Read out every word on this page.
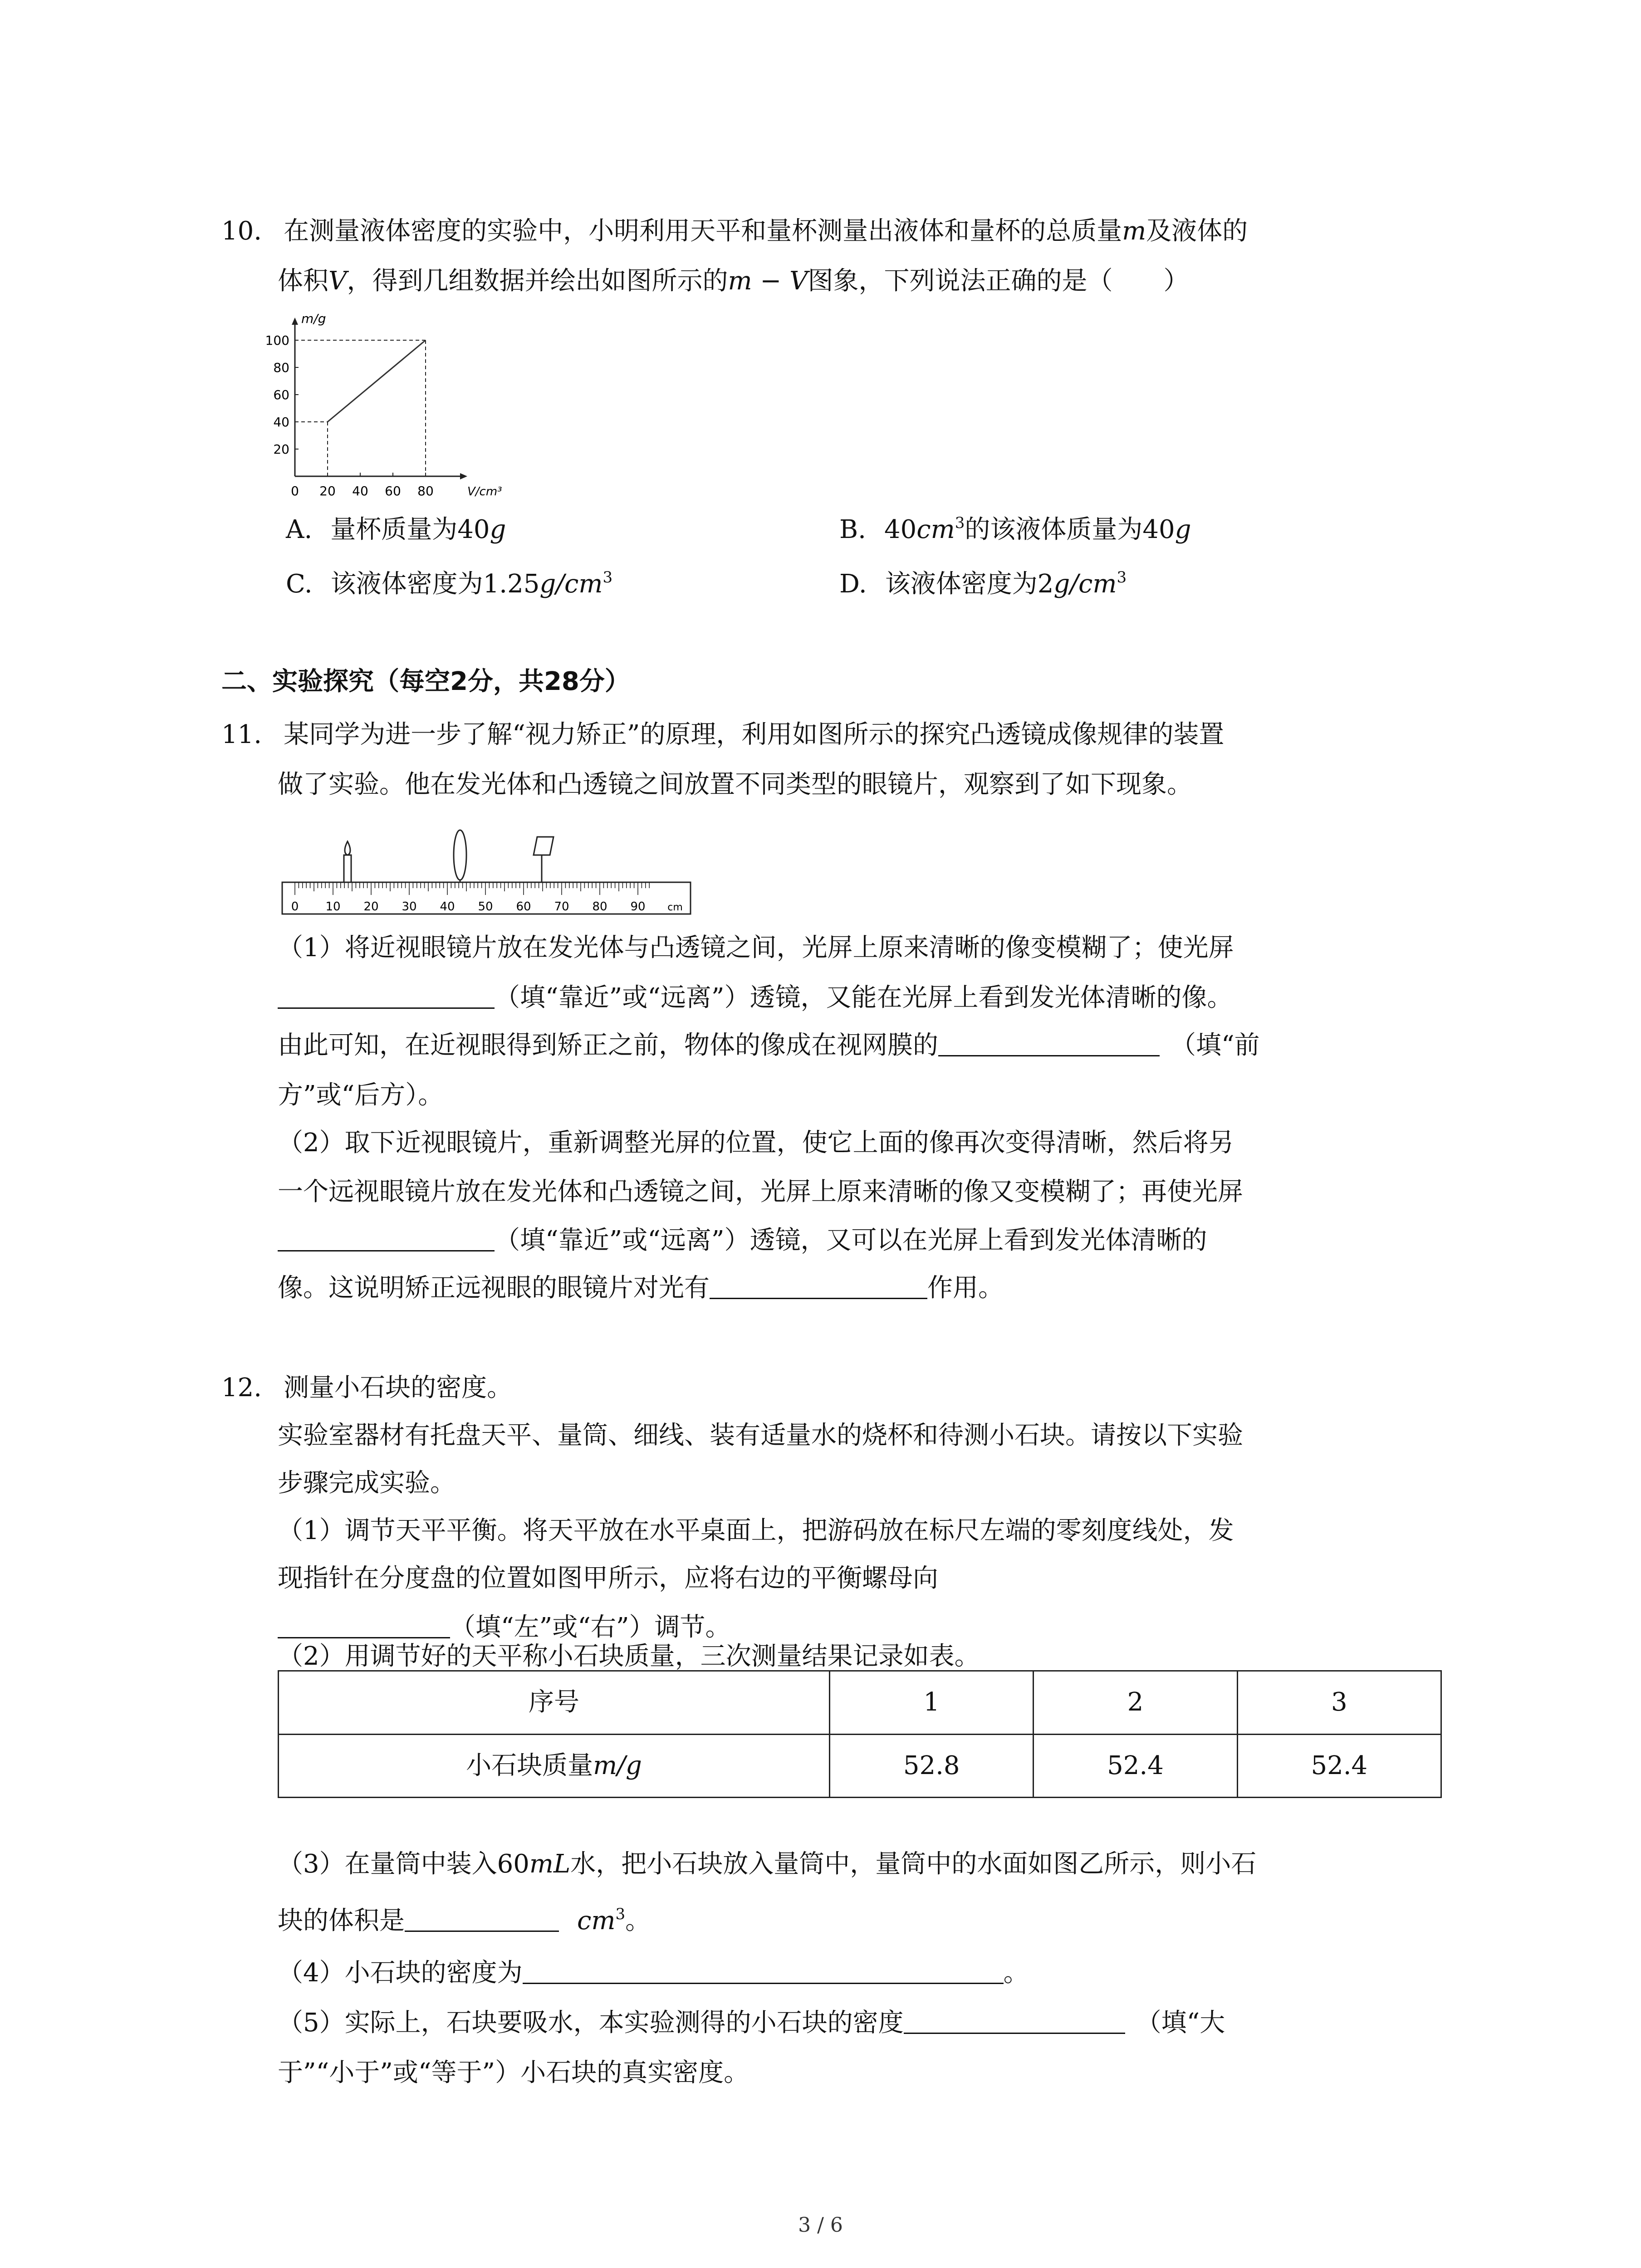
10. 在测量液体密度的实验中，小明利用天平和量杯测量出液体和量杯的总质量m及液体的
体积V，得到几组数据并绘出如图所示的m − V图象，下列说法正确的是（　　）
0 20 40 60 80
20
40
60
80
100
V/cm³
m/g
A. 量杯质量为40g	B. $40cm^3$的该液体质量为40g
C. 该液体密度为$1.25g/cm^3$	D. 该液体密度为$2g/cm^3$
二、实验探究（每空2分，共28分）
11. 某同学为进一步了解“视力矫正”的原理，利用如图所示的探究凸透镜成像规律的装置
做了实验。他在发光体和凸透镜之间放置不同类型的眼镜片，观察到了如下现象。
0 10 20 30 40 50 60 70 80 90 cm
（1）将近视眼镜片放在发光体与凸透镜之间，光屏上原来清晰的像变模糊了；使光屏
（填“靠近”或“远离”）透镜，又能在光屏上看到发光体清晰的像。
由此可知，在近视眼得到矫正之前，物体的像成在视网膜的	（填“前
方”或“后方）。
（2）取下近视眼镜片，重新调整光屏的位置，使它上面的像再次变得清晰，然后将另
一个远视眼镜片放在发光体和凸透镜之间，光屏上原来清晰的像又变模糊了；再使光屏
（填“靠近”或“远离”）透镜，又可以在光屏上看到发光体清晰的
像。这说明矫正远视眼的眼镜片对光有	作用。
12. 测量小石块的密度。
实验室器材有托盘天平、量筒、细线、装有适量水的烧杯和待测小石块。请按以下实验
步骤完成实验。
（1）调节天平平衡。将天平放在水平桌面上，把游码放在标尺左端的零刻度线处，发
现指针在分度盘的位置如图甲所示，应将右边的平衡螺母向
（填“左”或“右”）调节。
（2）用调节好的天平称小石块质量，三次测量结果记录如表。
序号	1	2	3
小石块质量m/g	52.8	52.4	52.4
（3）在量筒中装入60mL水，把小石块放入量筒中，量筒中的水面如图乙所示，则小石
块的体积是	$cm^3$。
（4）小石块的密度为	。
（5）实际上，石块要吸水，本实验测得的小石块的密度	（填“大
于”“小于”或“等于”）小石块的真实密度。
3 / 6
